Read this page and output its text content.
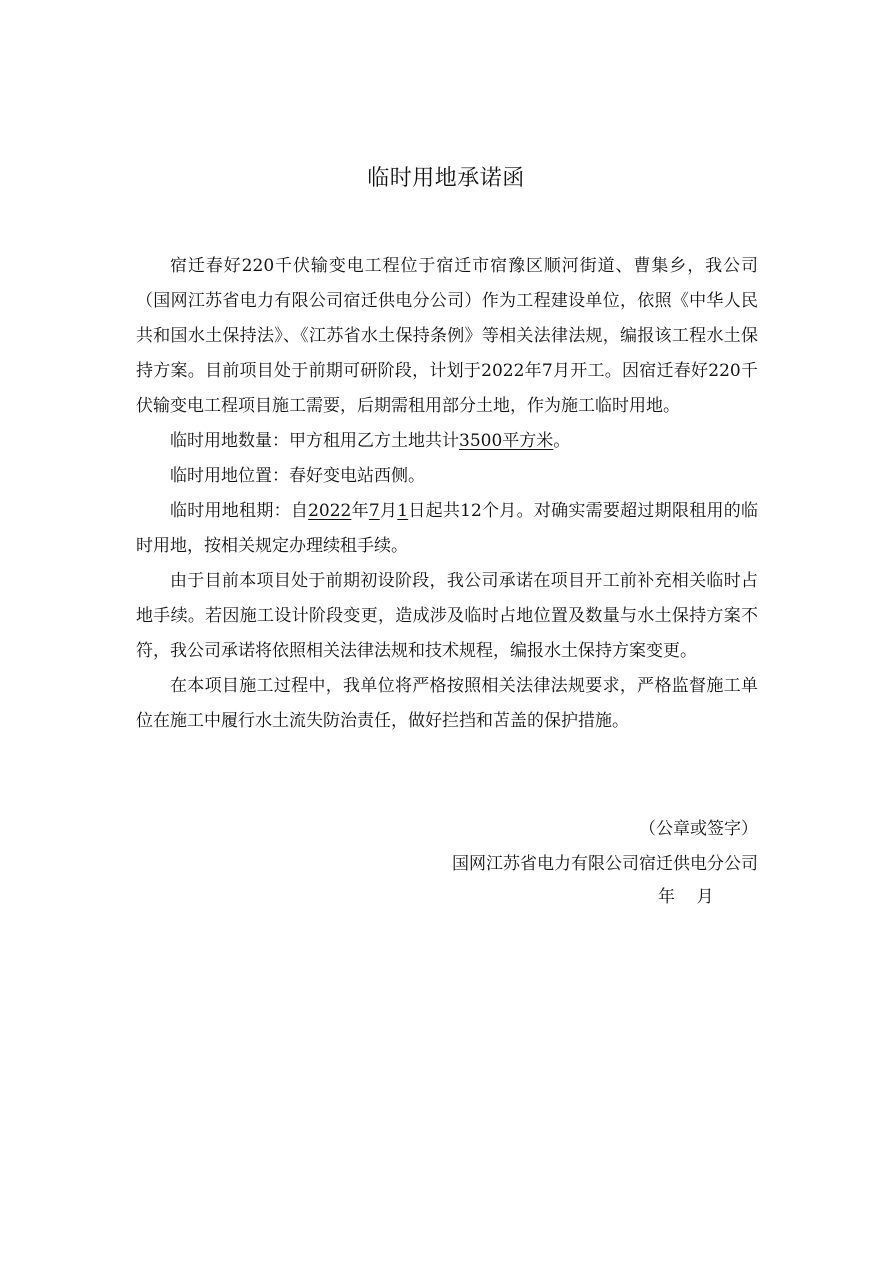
临时用地承诺函

宿迁春好220千伏输变电工程位于宿迁市宿豫区顺河街道、曹集乡，我公司（国网江苏省电力有限公司宿迁供电分公司）作为工程建设单位，依照《中华人民共和国水土保持法》、《江苏省水土保持条例》等相关法律法规，编报该工程水土保持方案。目前项目处于前期可研阶段，计划于2022年7月开工。因宿迁春好220千伏输变电工程项目施工需要，后期需租用部分土地，作为施工临时用地。

临时用地数量：甲方租用乙方土地共计3500平方米。

临时用地位置：春好变电站西侧。

临时用地租期：自2022年7月1日起共12个月。对确实需要超过期限租用的临时用地，按相关规定办理续租手续。

由于目前本项目处于前期初设阶段，我公司承诺在项目开工前补充相关临时占地手续。若因施工设计阶段变更，造成涉及临时占地位置及数量与水土保持方案不符，我公司承诺将依照相关法律法规和技术规程，编报水土保持方案变更。

在本项目施工过程中，我单位将严格按照相关法律法规要求，严格监督施工单位在施工中履行水土流失防治责任，做好拦挡和苫盖的保护措施。

（公章或签字）
国网江苏省电力有限公司宿迁供电分公司
年    月
